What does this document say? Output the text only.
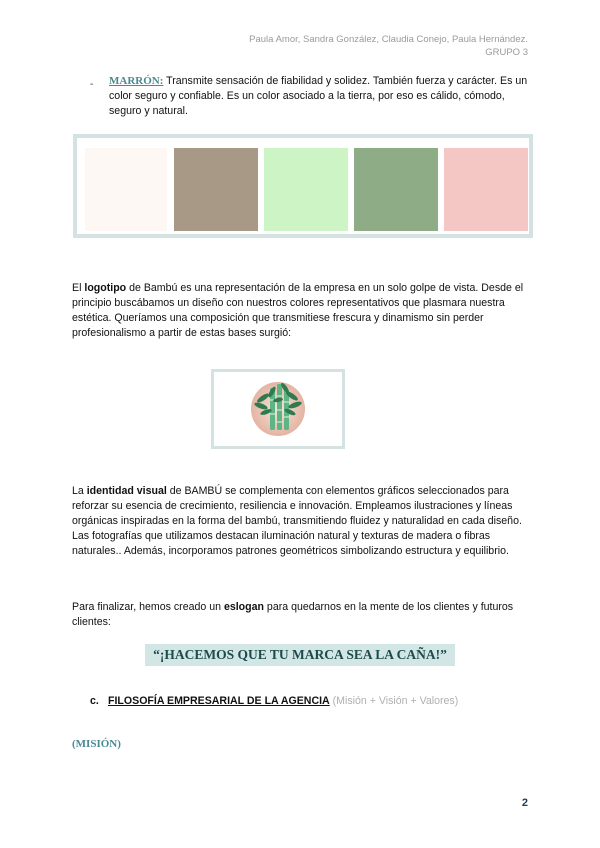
Paula Amor, Sandra González, Claudia Conejo, Paula Hernández.
GRUPO 3
- MARRÓN: Transmite sensación de fiabilidad y solidez. También fuerza y carácter. Es un color seguro y confiable. Es un color asociado a la tierra, por eso es cálido, cómodo, seguro y natural.
El logotipo de Bambú es una representación de la empresa en un solo golpe de vista. Desde el principio buscábamos un diseño con nuestros colores representativos que plasmara nuestra estética. Queríamos una composición que transmitiese frescura y dinamismo sin perder profesionalismo a partir de estas bases surgió:
La identidad visual de BAMBÚ se complementa con elementos gráficos seleccionados para reforzar su esencia de crecimiento, resiliencia e innovación. Empleamos ilustraciones y líneas orgánicas inspiradas en la forma del bambú, transmitiendo fluidez y naturalidad en cada diseño. Las fotografías que utilizamos destacan iluminación natural y texturas de madera o fibras naturales.. Además, incorporamos patrones geométricos simbolizando estructura y equilibrio.
Para finalizar, hemos creado un eslogan para quedarnos en la mente de los clientes y futuros clientes:
“¡HACEMOS QUE TU MARCA SEA LA CAÑA!”
c. FILOSOFÍA EMPRESARIAL DE LA AGENCIA (Misión + Visión + Valores)
(MISIÓN)
2
